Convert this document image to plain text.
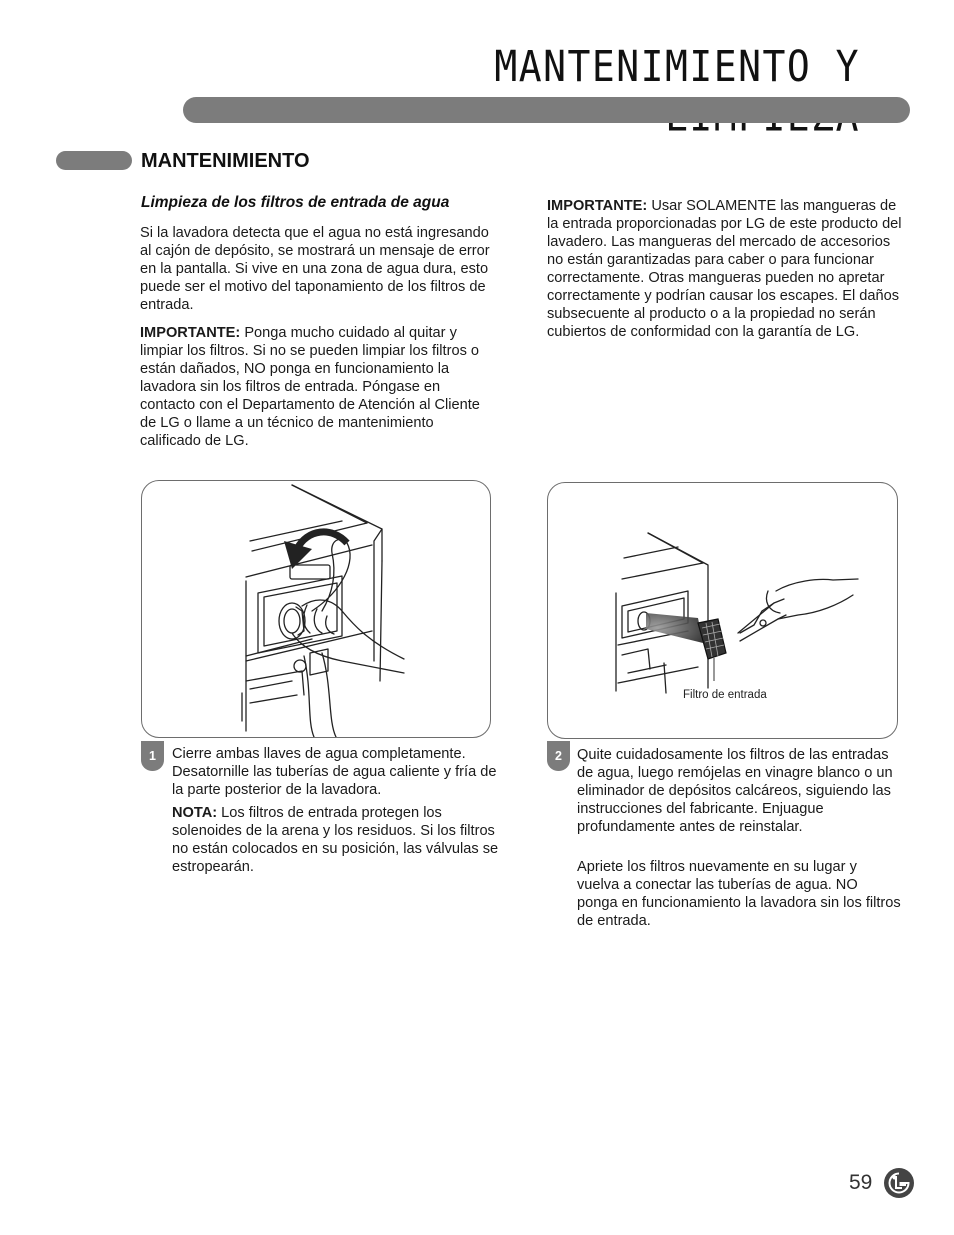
MANTENIMIENTO Y
MANTENIMIENTO
Limpieza de los filtros de entrada de agua
Si la lavadora detecta que el agua no está ingresando al cajón de depósito, se mostrará un mensaje de error en la pantalla. Si vive en una zona de agua dura, esto puede ser el motivo del taponamiento de los filtros de entrada.
IMPORTANTE: Ponga mucho cuidado al quitar y limpiar los filtros. Si no se pueden limpiar los filtros o están dañados, NO ponga en funcionamiento la lavadora sin los filtros de entrada. Póngase en contacto con el Departamento de Atención al Cliente de LG o llame a un técnico de mantenimiento calificado de LG.
IMPORTANTE: Usar SOLAMENTE las mangueras de la entrada proporcionadas por LG de este producto del lavadero. Las mangueras del mercado de accesorios no están garantizadas para caber o para funcionar correctamente. Otras mangueras pueden no apretar correctamente y podrían causar los escapes. El daños subsecuente al producto o a la propiedad no serán cubiertos de conformidad con la garantía de LG.
Filtro de entrada
1	Cierre ambas llaves de agua completamente. Desatornille las tuberías de agua caliente y fría de la parte posterior de la lavadora.
NOTA: Los filtros de entrada protegen los solenoides de la arena y los residuos. Si los filtros no están colocados en su posición, las válvulas se estropearán.
2	Quite cuidadosamente los filtros de las entradas de agua, luego remójelas en vinagre blanco o un eliminador de depósitos calcáreos, siguiendo las instrucciones del fabricante. Enjuague profundamente antes de reinstalar.
Apriete los filtros nuevamente en su lugar y vuelva a conectar las tuberías de agua. NO ponga en funcionamiento la lavadora sin los filtros de entrada.
59
